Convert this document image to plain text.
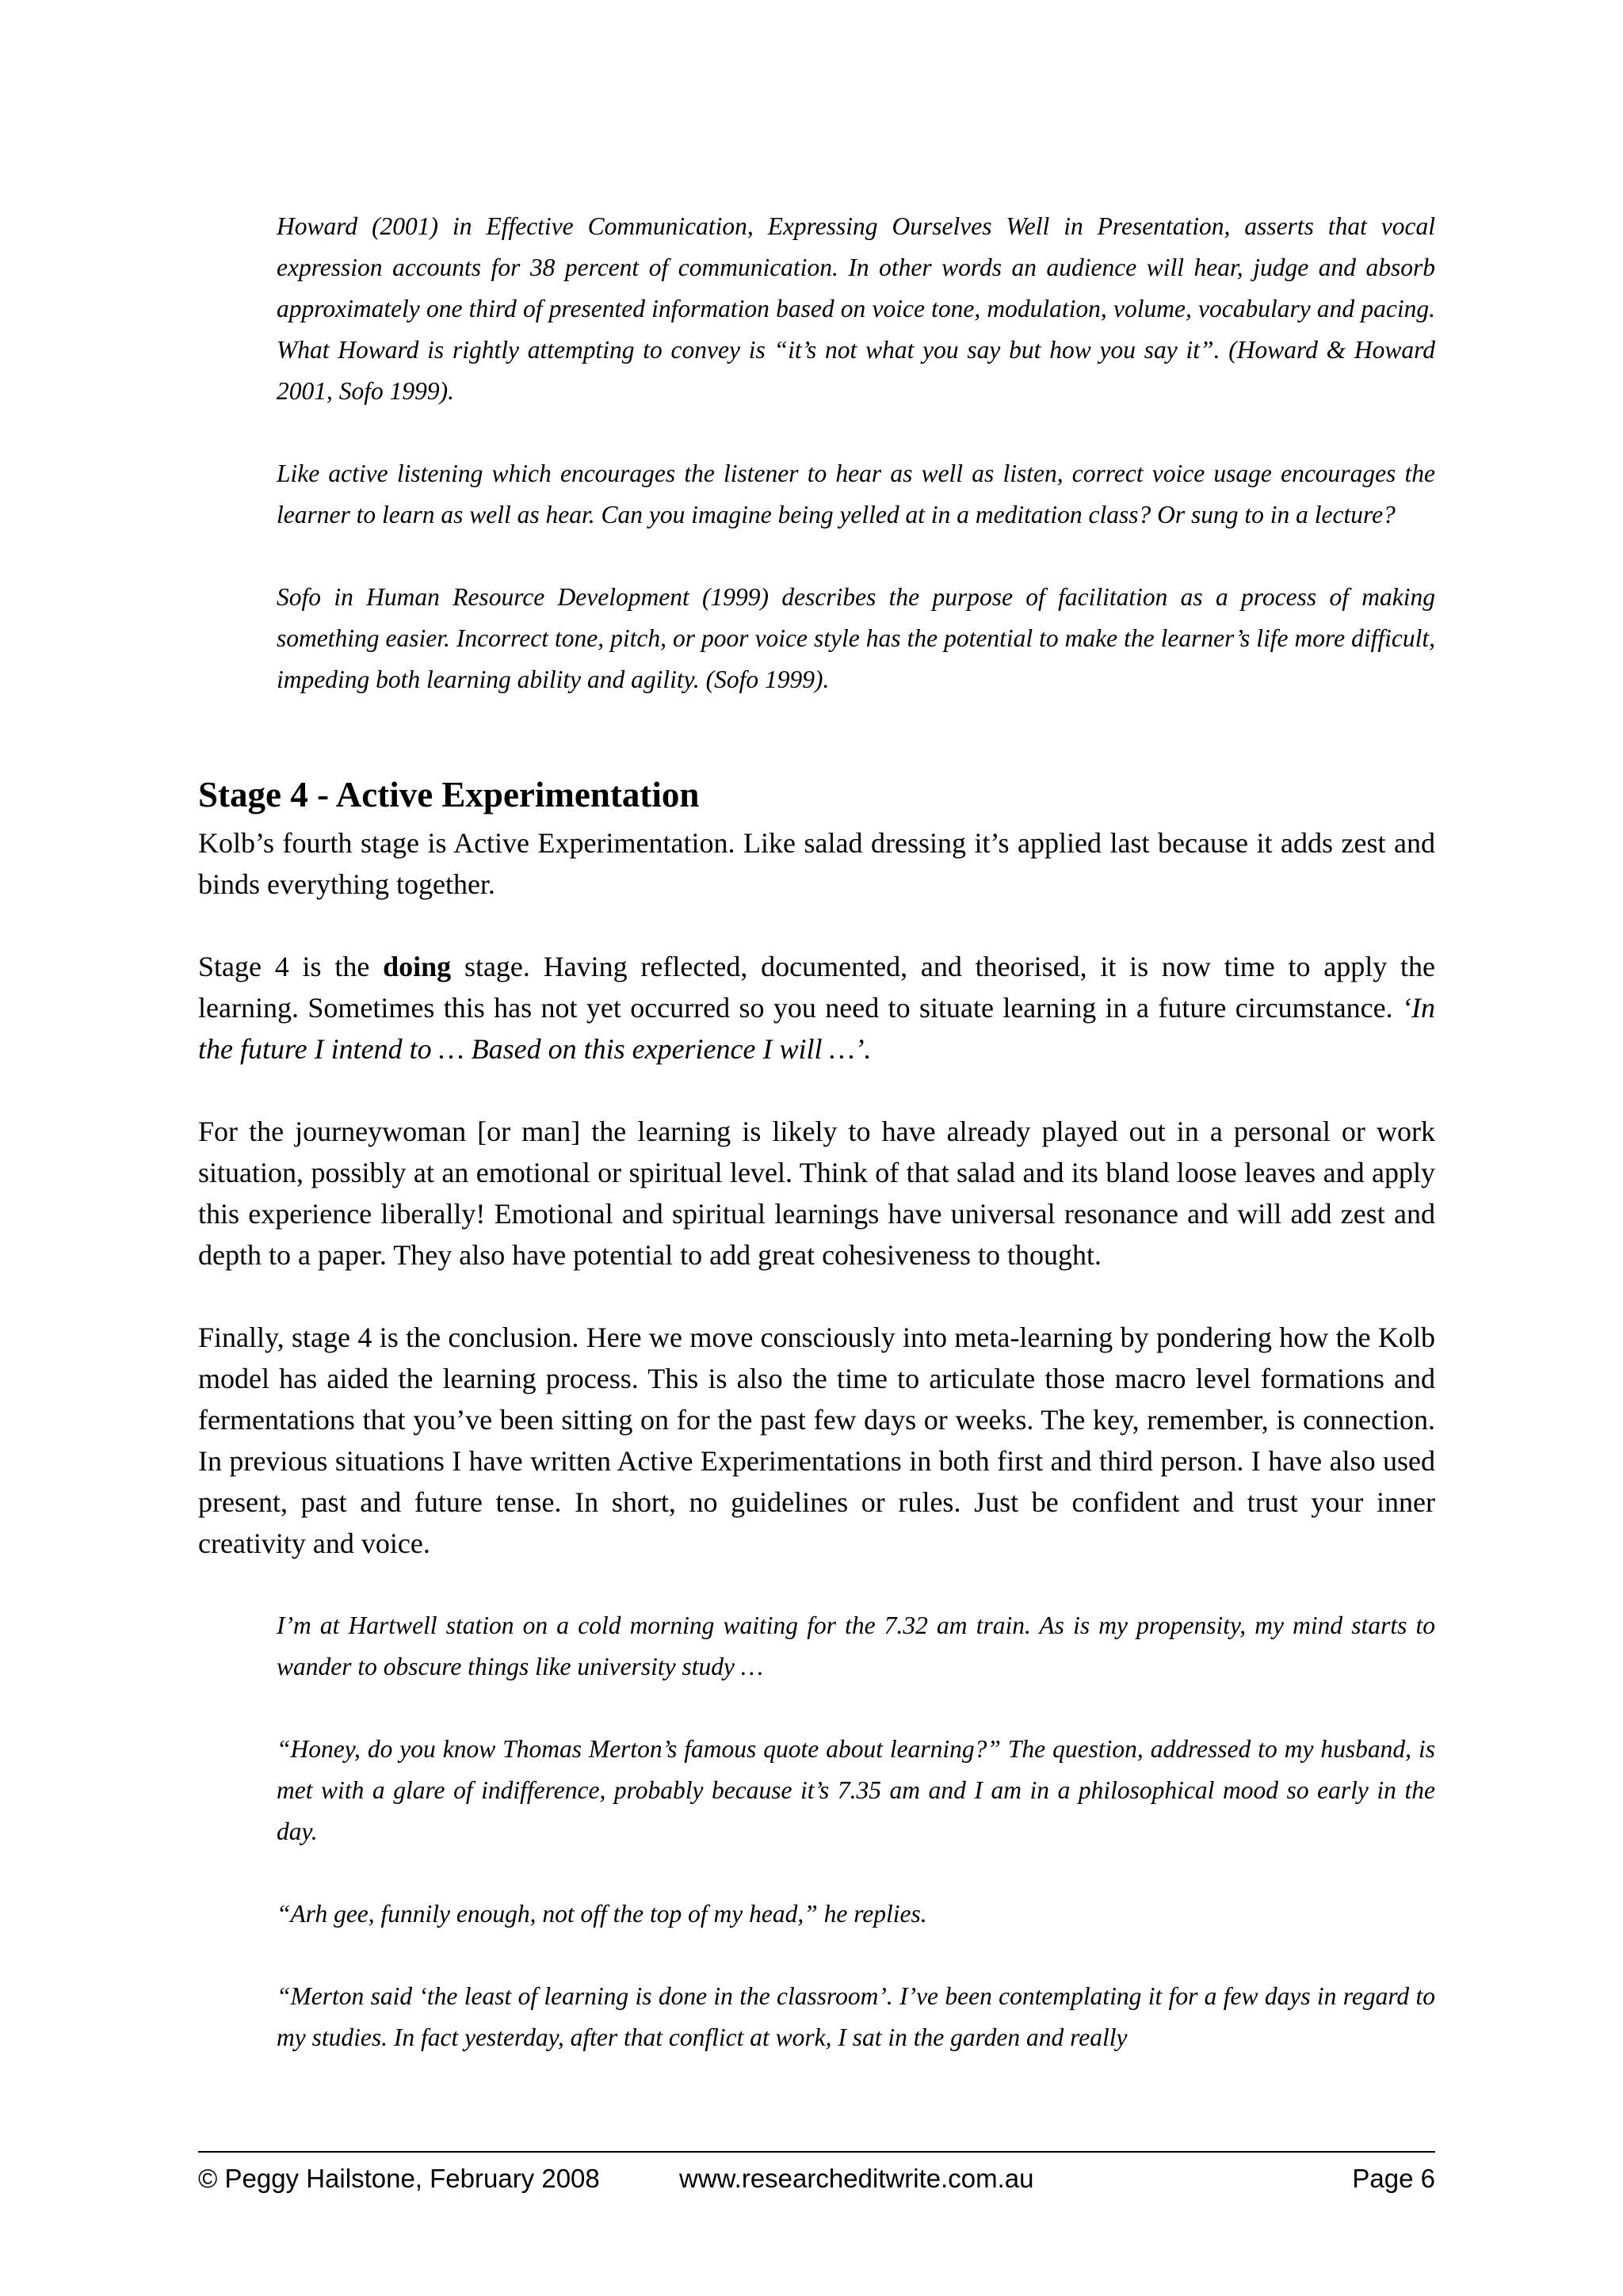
Howard (2001) in Effective Communication, Expressing Ourselves Well in Presentation, asserts that vocal expression accounts for 38 percent of communication. In other words an audience will hear, judge and absorb approximately one third of presented information based on voice tone, modulation, volume, vocabulary and pacing. What Howard is rightly attempting to convey is “it’s not what you say but how you say it”. (Howard & Howard 2001, Sofo 1999).

Like active listening which encourages the listener to hear as well as listen, correct voice usage encourages the learner to learn as well as hear. Can you imagine being yelled at in a meditation class? Or sung to in a lecture?

Sofo in Human Resource Development (1999) describes the purpose of facilitation as a process of making something easier. Incorrect tone, pitch, or poor voice style has the potential to make the learner’s life more difficult, impeding both learning ability and agility. (Sofo 1999).

Stage 4 - Active Experimentation

Kolb’s fourth stage is Active Experimentation. Like salad dressing it’s applied last because it adds zest and binds everything together.

Stage 4 is the doing stage. Having reflected, documented, and theorised, it is now time to apply the learning. Sometimes this has not yet occurred so you need to situate learning in a future circumstance. ‘In the future I intend to … Based on this experience I will …’.

For the journeywoman [or man] the learning is likely to have already played out in a personal or work situation, possibly at an emotional or spiritual level. Think of that salad and its bland loose leaves and apply this experience liberally! Emotional and spiritual learnings have universal resonance and will add zest and depth to a paper. They also have potential to add great cohesiveness to thought.

Finally, stage 4 is the conclusion. Here we move consciously into meta-learning by pondering how the Kolb model has aided the learning process. This is also the time to articulate those macro level formations and fermentations that you’ve been sitting on for the past few days or weeks. The key, remember, is connection. In previous situations I have written Active Experimentations in both first and third person. I have also used present, past and future tense. In short, no guidelines or rules. Just be confident and trust your inner creativity and voice.

I’m at Hartwell station on a cold morning waiting for the 7.32 am train. As is my propensity, my mind starts to wander to obscure things like university study …

“Honey, do you know Thomas Merton’s famous quote about learning?” The question, addressed to my husband, is met with a glare of indifference, probably because it’s 7.35 am and I am in a philosophical mood so early in the day.

“Arh gee, funnily enough, not off the top of my head,” he replies.

“Merton said ‘the least of learning is done in the classroom’. I’ve been contemplating it for a few days in regard to my studies. In fact yesterday, after that conflict at work, I sat in the garden and really

© Peggy Hailstone, February 2008	www.researcheditwrite.com.au	Page 6
